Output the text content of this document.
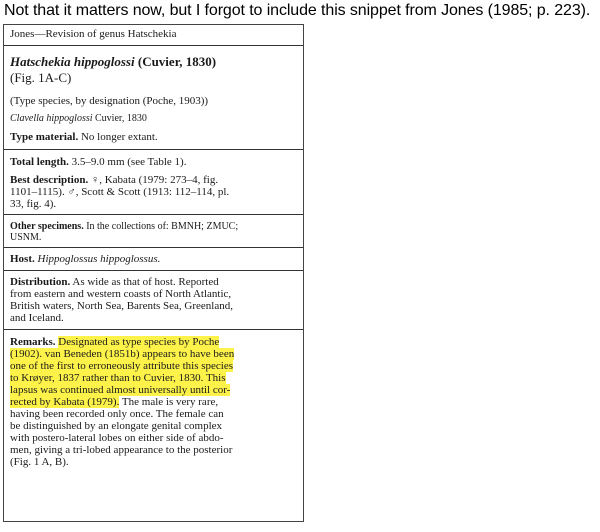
Not that it matters now, but I forgot to include this snippet from Jones (1985; p. 223).
Jones—Revision of genus Hatschekia
Hatschekia hippoglossi (Cuvier, 1830)
(Fig. 1A-C)
(Type species, by designation (Poche, 1903))
Clavella hippoglossi Cuvier, 1830
Type material. No longer extant.
Total length. 3.5–9.0 mm (see Table 1).
Best description. ♀, Kabata (1979: 273–4, fig.
1101–1115). ♂, Scott & Scott (1913: 112–114, pl.
33, fig. 4).
Other specimens. In the collections of: BMNH; ZMUC;
USNM.
Host. Hippoglossus hippoglossus.
Distribution. As wide as that of host. Reported
from eastern and western coasts of North Atlantic,
British waters, North Sea, Barents Sea, Greenland,
and Iceland.
Remarks. Designated as type species by Poche
(1902). van Beneden (1851b) appears to have been
one of the first to erroneously attribute this species
to Krøyer, 1837 rather than to Cuvier, 1830. This
lapsus was continued almost universally until cor-
rected by Kabata (1979). The male is very rare,
having been recorded only once. The female can
be distinguished by an elongate genital complex
with postero-lateral lobes on either side of abdo-
men, giving a tri-lobed appearance to the posterior
(Fig. 1 A, B).
